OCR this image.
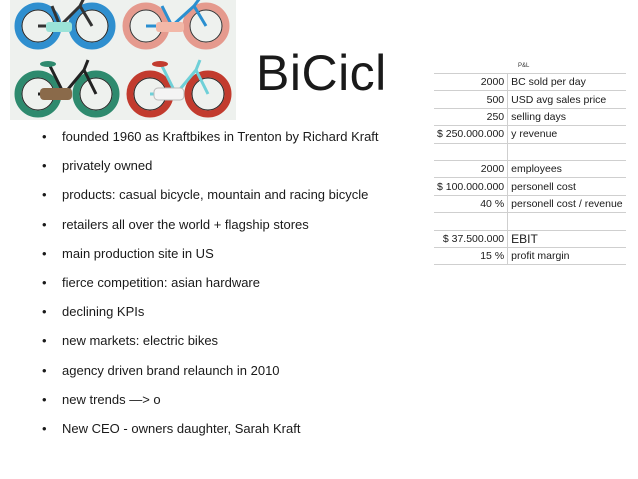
BiCicl
• founded 1960 as Kraftbikes in Trenton by Richard Kraft
• privately owned
• products: casual bicycle, mountain and racing bicycle
• retailers all over the world + flagship stores
• main production site in US
• fierce competition: asian hardware
• declining KPIs
• new markets: electric bikes
• agency driven brand relaunch in 2010
• new trends —> o
• New CEO - owners daughter, Sarah Kraft
P&L
2000	BC sold per day
500	USD avg sales price
250	selling days
$ 250.000.000	y revenue

2000	employees
$ 100.000.000	personell cost
40 %	personell cost / revenue

$ 37.500.000	EBIT
15 %	profit margin
